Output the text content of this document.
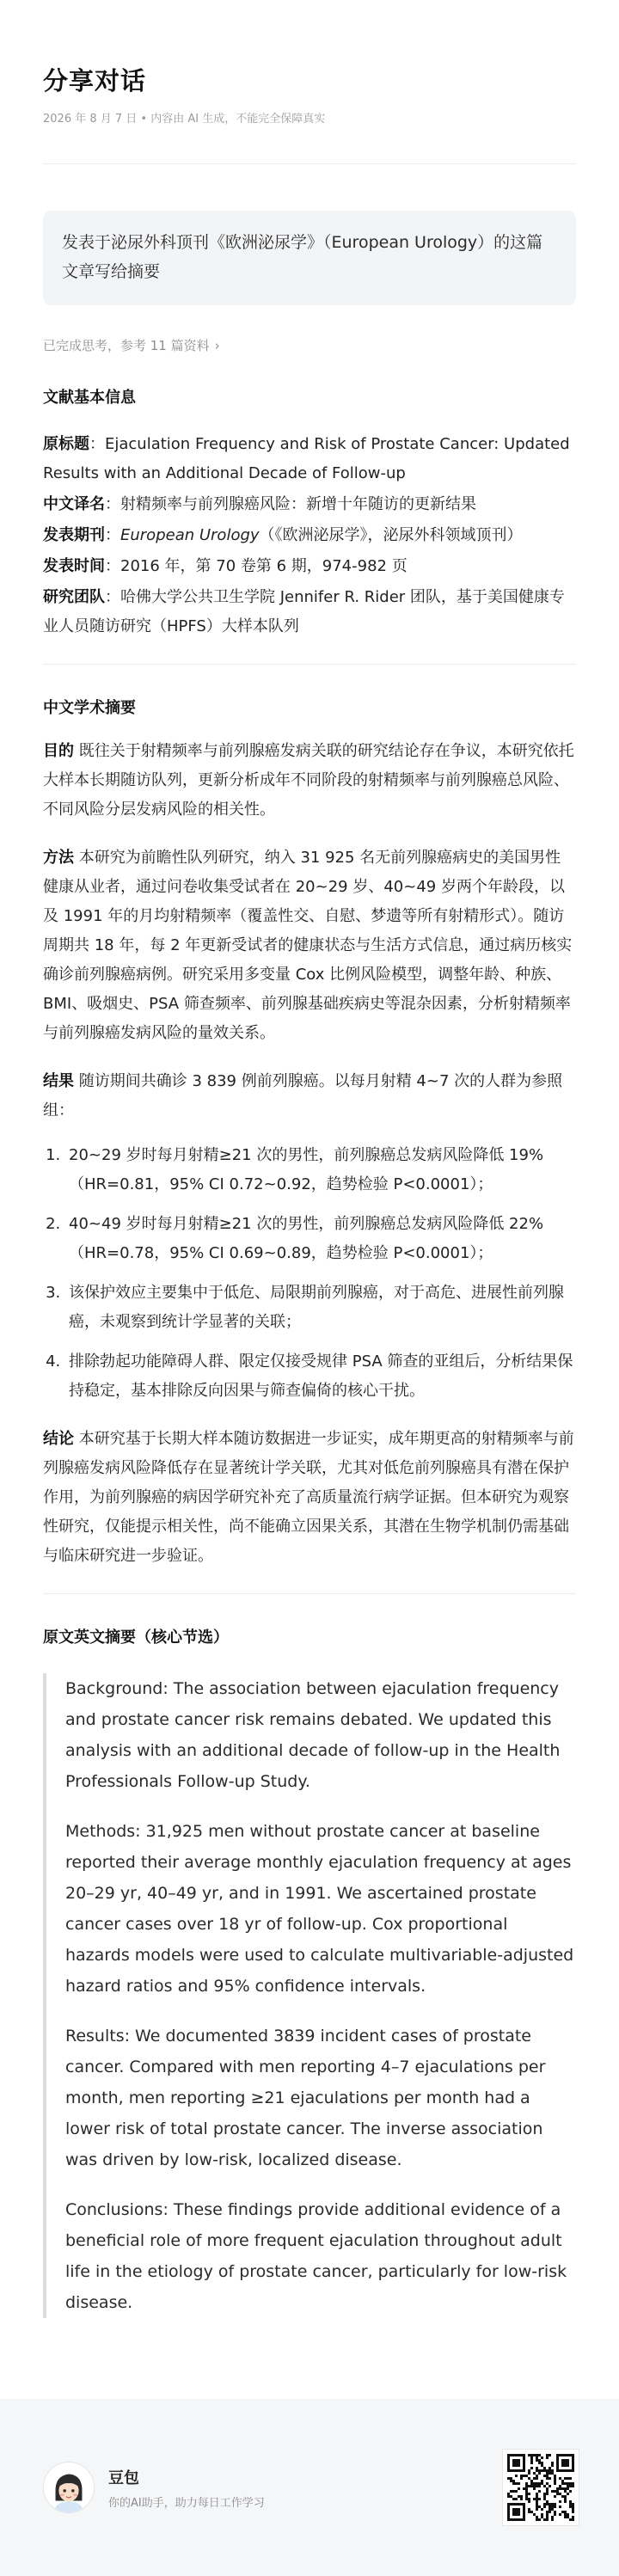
分享对话
2026 年 8 月 7 日 • 内容由 AI 生成，不能完全保障真实
发表于泌尿外科顶刊《欧洲泌尿学》（European Urology）的这篇文章写给摘要
已完成思考，参考 11 篇资料 ›
文献基本信息
原标题：Ejaculation Frequency and Risk of Prostate Cancer: Updated Results with an Additional Decade of Follow-up
中文译名：射精频率与前列腺癌风险：新增十年随访的更新结果
发表期刊：European Urology（《欧洲泌尿学》，泌尿外科领域顶刊）
发表时间：2016 年，第 70 卷第 6 期，974-982 页
研究团队：哈佛大学公共卫生学院 Jennifer R. Rider 团队，基于美国健康专业人员随访研究（HPFS）大样本队列
中文学术摘要

目的 既往关于射精频率与前列腺癌发病关联的研究结论存在争议，本研究依托大样本长期随访队列，更新分析成年不同阶段的射精频率与前列腺癌总风险、不同风险分层发病风险的相关性。

方法 本研究为前瞻性队列研究，纳入 31 925 名无前列腺癌病史的美国男性健康从业者，通过问卷收集受试者在 20~29 岁、40~49 岁两个年龄段，以及 1991 年的月均射精频率（覆盖性交、自慰、梦遗等所有射精形式）。随访周期共 18 年，每 2 年更新受试者的健康状态与生活方式信息，通过病历核实确诊前列腺癌病例。研究采用多变量 Cox 比例风险模型，调整年龄、种族、BMI、吸烟史、PSA 筛查频率、前列腺基础疾病史等混杂因素，分析射精频率与前列腺癌发病风险的量效关系。

结果 随访期间共确诊 3 839 例前列腺癌。以每月射精 4~7 次的人群为参照组：

1. 20~29 岁时每月射精≥21 次的男性，前列腺癌总发病风险降低 19%（HR=0.81，95% CI 0.72~0.92，趋势检验 P<0.0001）；
2. 40~49 岁时每月射精≥21 次的男性，前列腺癌总发病风险降低 22%（HR=0.78，95% CI 0.69~0.89，趋势检验 P<0.0001）；
3. 该保护效应主要集中于低危、局限期前列腺癌，对于高危、进展性前列腺癌，未观察到统计学显著的关联；
4. 排除勃起功能障碍人群、限定仅接受规律 PSA 筛查的亚组后，分析结果保持稳定，基本排除反向因果与筛查偏倚的核心干扰。

结论 本研究基于长期大样本随访数据进一步证实，成年期更高的射精频率与前列腺癌发病风险降低存在显著统计学关联，尤其对低危前列腺癌具有潜在保护作用，为前列腺癌的病因学研究补充了高质量流行病学证据。但本研究为观察性研究，仅能提示相关性，尚不能确立因果关系，其潜在生物学机制仍需基础与临床研究进一步验证。

原文英文摘要（核心节选）

Background: The association between ejaculation frequency and prostate cancer risk remains debated. We updated this analysis with an additional decade of follow-up in the Health Professionals Follow-up Study.

Methods: 31,925 men without prostate cancer at baseline reported their average monthly ejaculation frequency at ages 20–29 yr, 40–49 yr, and in 1991. We ascertained prostate cancer cases over 18 yr of follow-up. Cox proportional hazards models were used to calculate multivariable-adjusted hazard ratios and 95% confidence intervals.

Results: We documented 3839 incident cases of prostate cancer. Compared with men reporting 4–7 ejaculations per month, men reporting ≥21 ejaculations per month had a lower risk of total prostate cancer. The inverse association was driven by low-risk, localized disease.

Conclusions: These findings provide additional evidence of a beneficial role of more frequent ejaculation throughout adult life in the etiology of prostate cancer, particularly for low-risk disease.

豆包
你的AI助手，助力每日工作学习
